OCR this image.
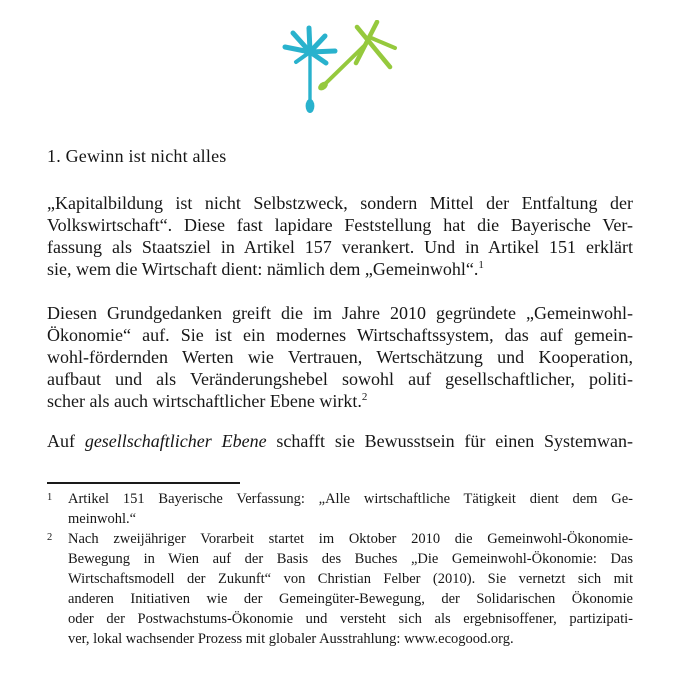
1. Gewinn ist nicht alles
„Kapitalbildung ist nicht Selbstzweck, sondern Mittel der Entfaltung der
Volkswirtschaft“. Diese fast lapidare Feststellung hat die Bayerische Ver-
fassung als Staatsziel in Artikel 157 verankert. Und in Artikel 151 erklärt
sie, wem die Wirtschaft dient: nämlich dem „Gemeinwohl“.$^1$
Diesen Grundgedanken greift die im Jahre 2010 gegründete „Gemeinwohl-
Ökonomie“ auf. Sie ist ein modernes Wirtschaftssystem, das auf gemein-
wohl-fördernden Werten wie Vertrauen, Wertschätzung und Kooperation,
aufbaut und als Veränderungshebel sowohl auf gesellschaftlicher, politi-
scher als auch wirtschaftlicher Ebene wirkt.$^2$
Auf gesellschaftlicher Ebene schafft sie Bewusstsein für einen Systemwan-
1	Artikel 151 Bayerische Verfassung: „Alle wirtschaftliche Tätigkeit dient dem Ge-
meinwohl.“
2	Nach zweijähriger Vorarbeit startet im Oktober 2010 die Gemeinwohl-Ökonomie-
Bewegung in Wien auf der Basis des Buches „Die Gemeinwohl-Ökonomie: Das
Wirtschaftsmodell der Zukunft“ von Christian Felber (2010). Sie vernetzt sich mit
anderen Initiativen wie der Gemeingüter-Bewegung, der Solidarischen Ökonomie
oder der Postwachstums-Ökonomie und versteht sich als ergebnisoffener, partizipati-
ver, lokal wachsender Prozess mit globaler Ausstrahlung: www.ecogood.org.
